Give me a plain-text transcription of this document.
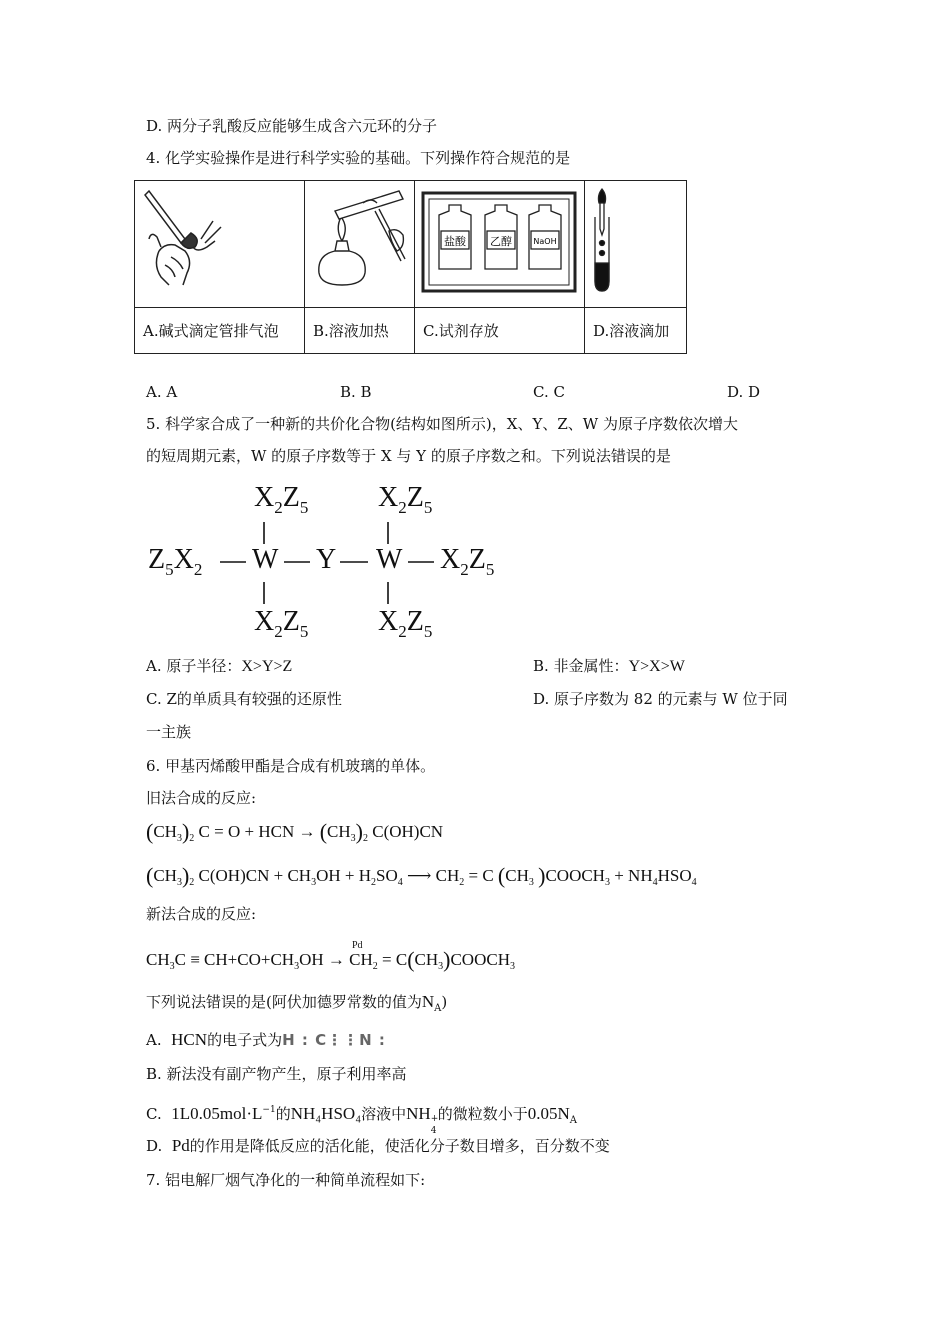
D. 两分子乳酸反应能够生成含六元环的分子
4. 化学实验操作是进行科学实验的基础。下列操作符合规范的是

盐酸 乙醇 NaOH

A.碱式滴定管排气泡	B.溶液加热	C.试剂存放	D.溶液滴加
A. A	B. B	C. C	D. D
5. 科学家合成了一种新的共价化合物(结构如图所示)，X、Y、Z、W 为原子序数依次增大
的短周期元素，W 的原子序数等于 X 与 Y 的原子序数之和。下列说法错误的是
$X_2Z_5$ $X_2Z_5$
$Z_5X_2$ W Y W $X_2Z_5$
$X_2Z_5$ $X_2Z_5$
A. 原子半径：X>Y>Z	B. 非金属性：Y>X>W
C. Z的单质具有较强的还原性	D. 原子序数为 82 的元素与 W 位于同
一主族
6. 甲基丙烯酸甲酯是合成有机玻璃的单体。
旧法合成的反应:
$(CH_3)_2$ C = O + HCN → $(CH_3)_2$ C(OH)CN
$(CH_3)_2$ $C(OH)CN + CH_3OH + H_2SO_4$ ⟶ $CH_2 = C$ ($CH_3$ )$COOCH_3 + NH_4HSO_4$
新法合成的反应:
Pd
$CH_3C \equiv CH+CO+CH_3OH \to CH_2$ = $C(CH_3)COOCH_3$
下列说法错误的是(阿伏加德罗常数的值为$N_A$)
A. HCN的电子式为H : C⋮⋮N :
B. 新法没有副产物产生，原子利用率高
C. $1L0.05mol\cdot L^{-1}$的NH₄HSO₄溶液中NH +
4
的微粒数小于$0.05N_A$
D. Pd的作用是降低反应的活化能，使活化分子数目增多，百分数不变
7. 铝电解厂烟气净化的一种简单流程如下:
